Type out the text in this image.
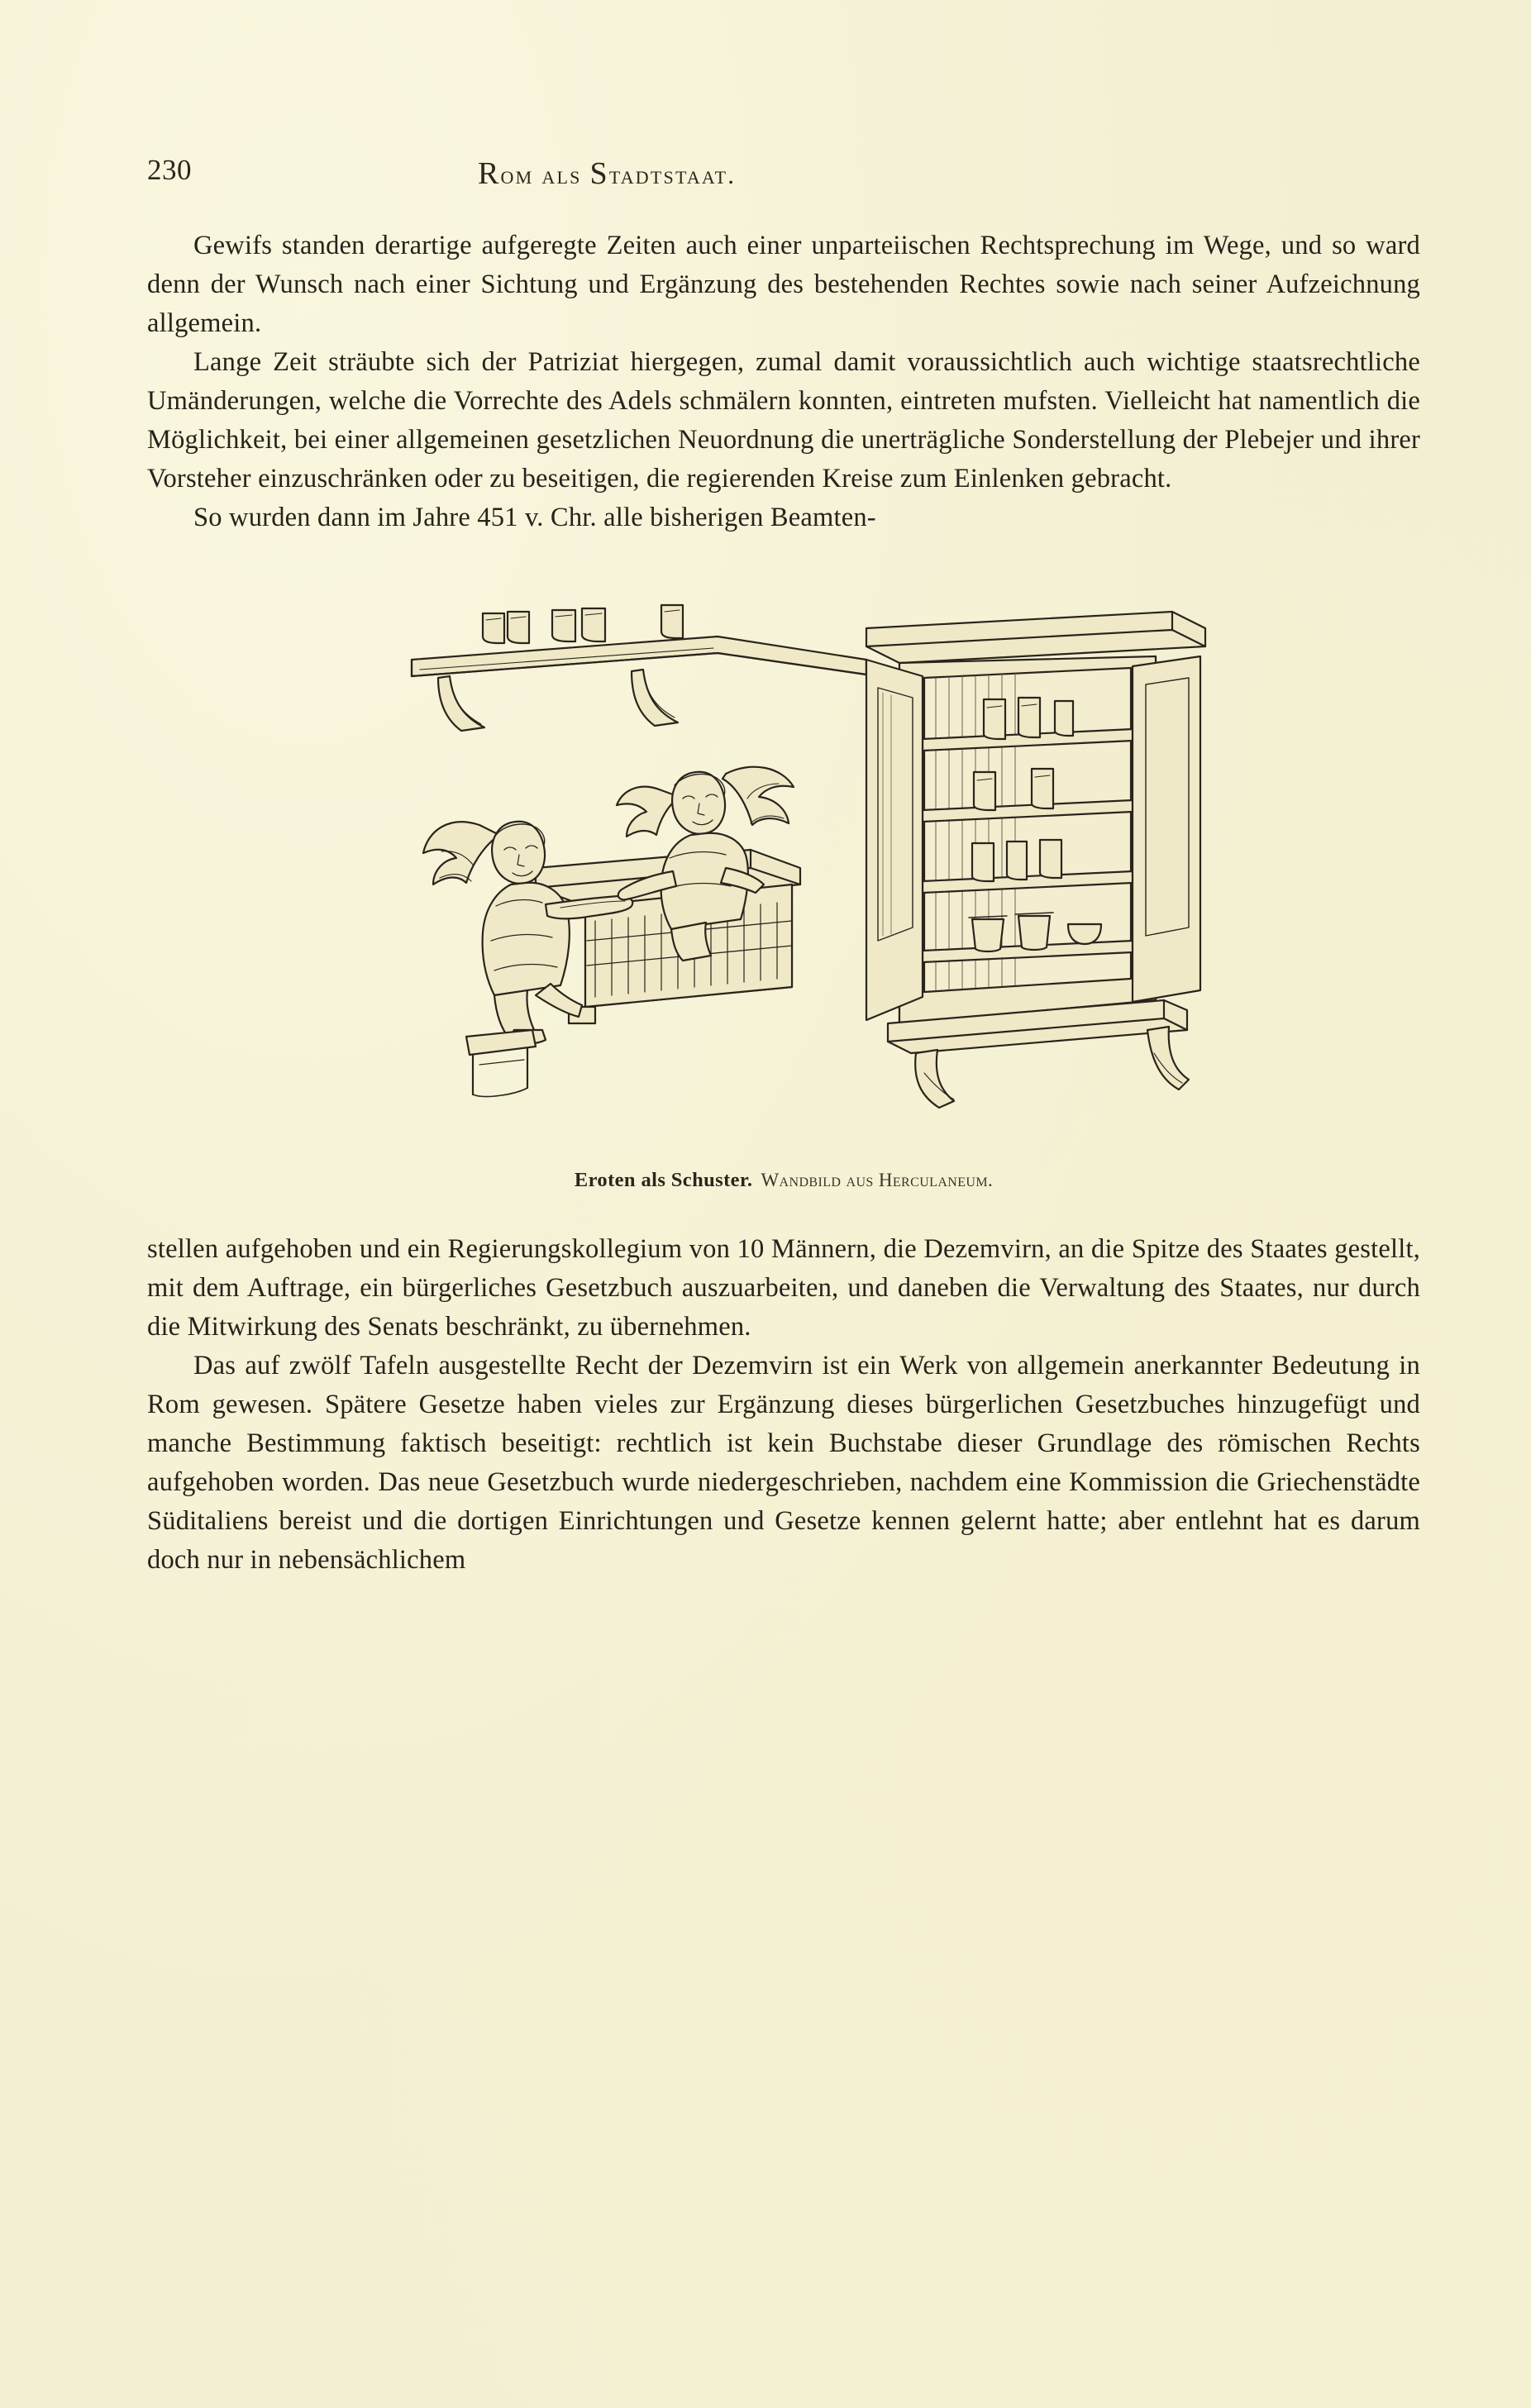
230	Rom als Stadtstaat.

Gewifs standen derartige aufgeregte Zeiten auch einer unparteiischen Rechtsprechung im Wege, und so ward denn der Wunsch nach einer Sichtung und Ergänzung des bestehenden Rechtes sowie nach seiner Aufzeichnung allgemein.

Lange Zeit sträubte sich der Patriziat hiergegen, zumal damit voraussichtlich auch wichtige staatsrechtliche Umänderungen, welche die Vorrechte des Adels schmälern konnten, eintreten mufsten. Vielleicht hat namentlich die Möglichkeit, bei einer allgemeinen gesetzlichen Neuordnung die unerträgliche Sonderstellung der Plebejer und ihrer Vorsteher einzuschränken oder zu beseitigen, die regierenden Kreise zum Einlenken gebracht.

So wurden dann im Jahre 451 v. Chr. alle bisherigen Beamten-

Eroten als Schuster. Wandbild aus Herculaneum.

stellen aufgehoben und ein Regierungskollegium von 10 Männern, die Dezemvirn, an die Spitze des Staates gestellt, mit dem Auftrage, ein bürgerliches Gesetzbuch auszuarbeiten, und daneben die Verwaltung des Staates, nur durch die Mitwirkung des Senats beschränkt, zu übernehmen.

Das auf zwölf Tafeln ausgestellte Recht der Dezemvirn ist ein Werk von allgemein anerkannter Bedeutung in Rom gewesen. Spätere Gesetze haben vieles zur Ergänzung dieses bürgerlichen Gesetzbuches hinzugefügt und manche Bestimmung faktisch beseitigt: rechtlich ist kein Buchstabe dieser Grundlage des römischen Rechts aufgehoben worden. Das neue Gesetzbuch wurde niedergeschrieben, nachdem eine Kommission die Griechenstädte Süditaliens bereist und die dortigen Einrichtungen und Gesetze kennen gelernt hatte; aber entlehnt hat es darum doch nur in nebensächlichem
